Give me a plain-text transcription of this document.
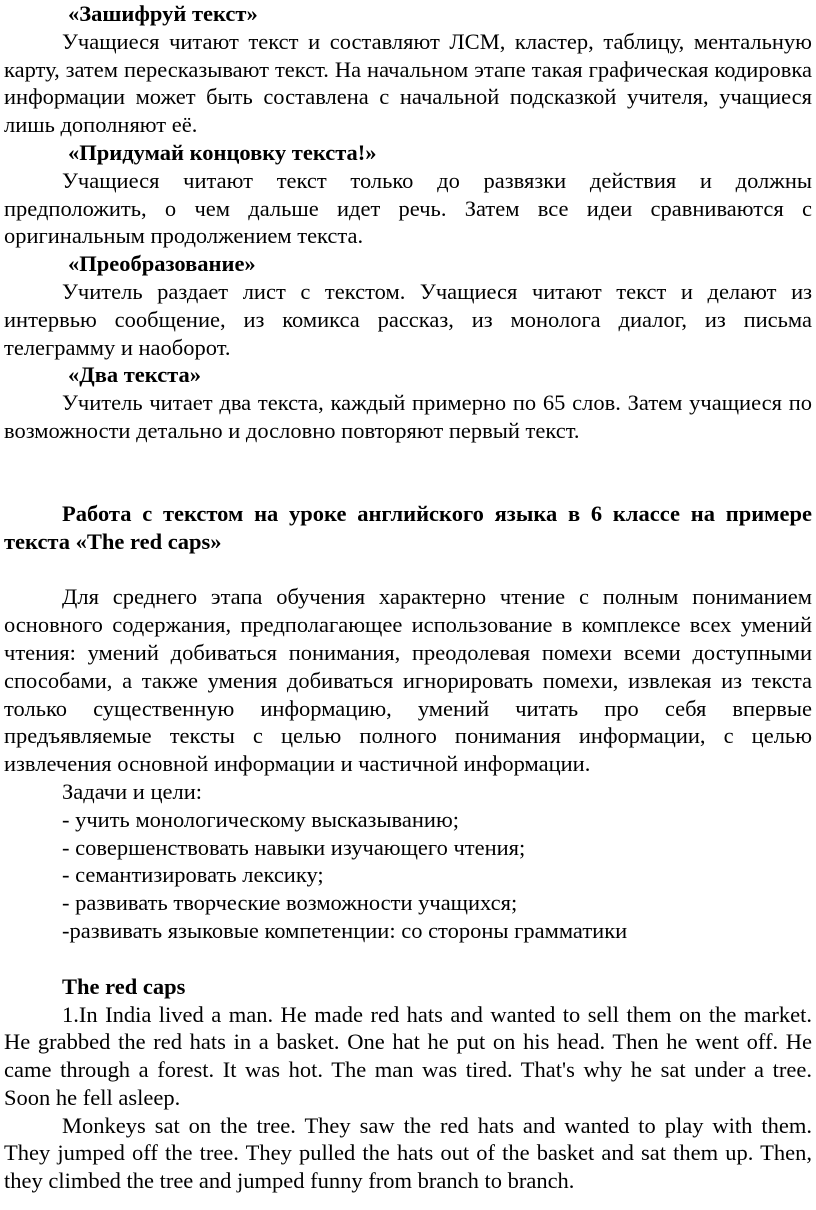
«Зашифруй текст»

Учащиеся читают текст и составляют ЛСМ, кластер, таблицу, ментальную карту, затем пересказывают текст. На начальном этапе такая графическая кодировка информации может быть составлена с начальной подсказкой учителя, учащиеся лишь дополняют её.

«Придумай концовку текста!»

Учащиеся читают текст только до развязки действия и должны предположить, о чем дальше идет речь. Затем все идеи сравниваются с оригинальным продолжением текста.

«Преобразование»

Учитель раздает лист с текстом. Учащиеся читают текст и делают из интервью сообщение, из комикса рассказ, из монолога диалог, из письма телеграмму и наоборот.

«Два текста»

Учитель читает два текста, каждый примерно по 65 слов. Затем учащиеся по возможности детально и дословно повторяют первый текст.

Работа с текстом на уроке английского языка в 6 классе на примере текста «The red caps»

Для среднего этапа обучения характерно чтение с полным пониманием основного содержания, предполагающее использование в комплексе всех умений чтения: умений добиваться понимания, преодолевая помехи всеми доступными способами, а также умения добиваться игнорировать помехи, извлекая из текста только существенную информацию, умений читать про себя впервые предъявляемые тексты с целью полного понимания информации, с целью извлечения основной информации и частичной информации.

Задачи и цели:

- учить монологическому высказыванию;

- совершенствовать навыки изучающего чтения;

- семантизировать лексику;

- развивать творческие возможности учащихся;

-развивать языковые компетенции: со стороны грамматики

The red caps

1.In India lived a man. He made red hats and wanted to sell them on the market. He grabbed the red hats in a basket. One hat he put on his head. Then he went off. He came through a forest. It was hot. The man was tired. That's why he sat under a tree. Soon he fell asleep.

Monkeys sat on the tree. They saw the red hats and wanted to play with them. They jumped off the tree. They pulled the hats out of the basket and sat them up. Then, they climbed the tree and jumped funny from branch to branch.
